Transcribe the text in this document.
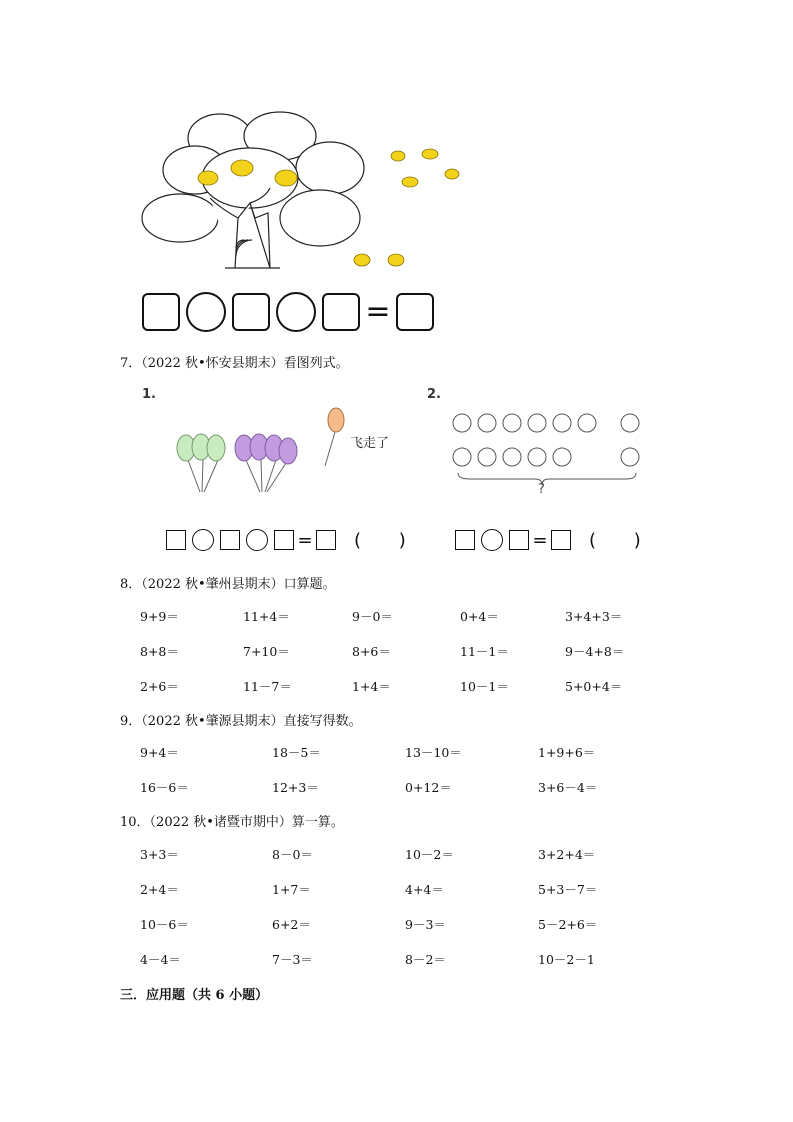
=
7．（2022 秋•怀安县期末）看图列式。
1.	2.
飞走了
?
= ( )	= ( )
8．（2022 秋•肇州县期末）口算题。
9+9＝	11+4＝	9－0＝	0+4＝	3+4+3＝
8+8＝	7+10＝	8+6＝	11－1＝	9－4+8＝
2+6＝	11－7＝	1+4＝	10－1＝	5+0+4＝
9．（2022 秋•肇源县期末）直接写得数。
9+4＝	18－5＝	13－10＝	1+9+6＝
16－6＝	12+3＝	0+12＝	3+6－4＝
10．（2022 秋•诸暨市期中）算一算。
3+3＝	8－0＝	10－2＝	3+2+4＝
2+4＝	1+7＝	4+4＝	5+3－7＝
10－6＝	6+2＝	9－3＝	5－2+6＝
4－4＝	7－3＝	8－2＝	10－2－1
三．应用题（共 6 小题）
